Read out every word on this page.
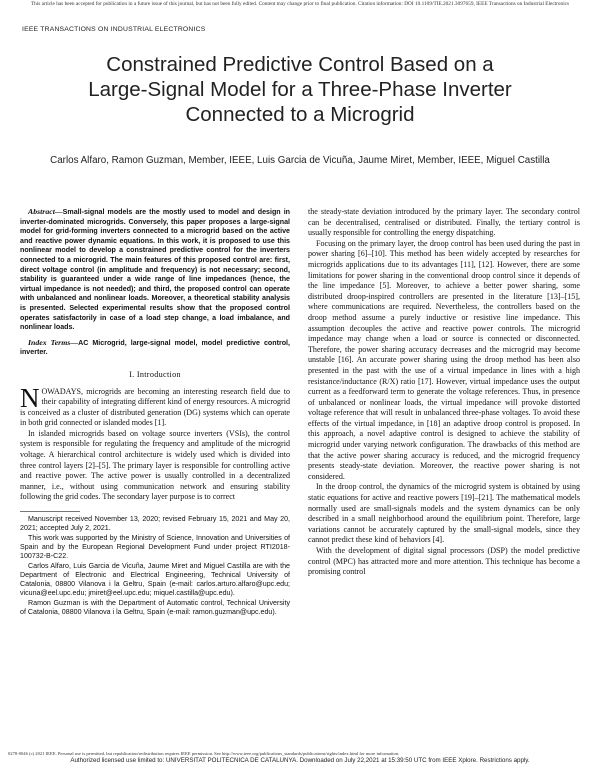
This article has been accepted for publication in a future issue of this journal, but has not been fully edited. Content may change prior to final publication. Citation information: DOI 10.1109/TIE.2021.3097659, IEEE Transactions on Industrial Electronics
IEEE TRANSACTIONS ON INDUSTRIAL ELECTRONICS
Constrained Predictive Control Based on a
Large-Signal Model for a Three-Phase Inverter
Connected to a Microgrid
Carlos Alfaro, Ramon Guzman, Member, IEEE, Luis Garcia de Vicuña, Jaume Miret, Member, IEEE, Miguel Castilla
Abstract—Small-signal models are the mostly used to model and design in inverter-dominated microgrids. Conversely, this paper proposes a large-signal model for grid-forming inverters connected to a microgrid based on the active and reactive power dynamic equations. In this work, it is proposed to use this nonlinear model to develop a constrained predictive control for the inverters connected to a microgrid. The main features of this proposed control are: first, direct voltage control (in amplitude and frequency) is not necessary; second, stability is guaranteed under a wide range of line impedances (hence, the virtual impedance is not needed); and third, the proposed control can operate with unbalanced and nonlinear loads. Moreover, a theoretical stability analysis is presented. Selected experimental results show that the proposed control operates satisfactorily in case of a load step change, a load imbalance, and nonlinear loads.
Index Terms—AC Microgrid, large-signal model, model predictive control, inverter.
I. Introduction

NOWADAYS, microgrids are becoming an interesting research field due to their capability of integrating different kind of energy resources. A microgrid is conceived as a cluster of distributed generation (DG) systems which can operate in both grid connected or islanded modes [1].

In islanded microgrids based on voltage source inverters (VSIs), the control system is responsible for regulating the frequency and amplitude of the microgrid voltage. A hierarchical control architecture is widely used which is divided into three control layers [2]–[5]. The primary layer is responsible for controlling active and reactive power. The active power is usually controlled in a decentralized manner, i.e., without using communication network and ensuring stability following the grid codes. The secondary layer purpose is to correct

Manuscript received November 13, 2020; revised February 15, 2021 and May 20, 2021; accepted July 2, 2021.

This work was supported by the Ministry of Science, Innovation and Universities of Spain and by the European Regional Development Fund under project RTI2018-100732-B-C22.

Carlos Alfaro, Luis Garcia de Vicuña, Jaume Miret and Miguel Castilla are with the Department of Electronic and Electrical Engineering, Technical University of Catalonia, 08800 Vilanova i la Geltru, Spain (e-mail: carlos.arturo.alfaro@upc.edu; vicuna@eel.upc.edu; jmiret@eel.upc.edu; miquel.castilla@upc.edu).

Ramon Guzman is with the Department of Automatic control, Technical University of Catalonia, 08800 Vilanova i la Geltru, Spain (e-mail: ramon.guzman@upc.edu).

the steady-state deviation introduced by the primary layer. The secondary control can be decentralised, centralised or distributed. Finally, the tertiary control is usually responsible for controlling the energy dispatching.

Focusing on the primary layer, the droop control has been used during the past in power sharing [6]–[10]. This method has been widely accepted by researches for microgrids applications due to its advantages [11], [12]. However, there are some limitations for power sharing in the conventional droop control since it depends of the line impedance [5]. Moreover, to achieve a better power sharing, some distributed droop-inspired controllers are presented in the literature [13]–[15], where communications are required. Nevertheless, the controllers based on the droop method assume a purely inductive or resistive line impedance. This assumption decouples the active and reactive power controls. The microgrid impedance may change when a load or source is connected or disconnected. Therefore, the power sharing accuracy decreases and the microgrid may become unstable [16]. An accurate power sharing using the droop method has been also presented in the past with the use of a virtual impedance in lines with a high resistance/inductance (R/X) ratio [17]. However, virtual impedance uses the output current as a feedforward term to generate the voltage references. Thus, in presence of unbalanced or nonlinear loads, the virtual impedance will provoke distorted voltage reference that will result in unbalanced three-phase voltages. To avoid these effects of the virtual impedance, in [18] an adaptive droop control is proposed. In this approach, a novel adaptive control is designed to achieve the stability of microgrid under varying network configuration. The drawbacks of this method are that the active power sharing accuracy is reduced, and the microgrid frequency presents steady-state deviation. Moreover, the reactive power sharing is not considered.

In the droop control, the dynamics of the microgrid system is obtained by using static equations for active and reactive powers [19]–[21]. The mathematical models normally used are small-signals models and the system dynamics can be only described in a small neighborhood around the equilibrium point. Therefore, large variations cannot be accurately captured by the small-signal models, since they cannot predict these kind of behaviors [4].

With the development of digital signal processors (DSP) the model predictive control (MPC) has attracted more and more attention. This technique has become a promising control

0278-0046 (c) 2021 IEEE. Personal use is permitted, but republication/redistribution requires IEEE permission. See http://www.ieee.org/publications_standards/publications/rights/index.html for more information.
Authorized licensed use limited to: UNIVERSITAT POLITECNICA DE CATALUNYA. Downloaded on July 22,2021 at 15:39:50 UTC from IEEE Xplore. Restrictions apply.
